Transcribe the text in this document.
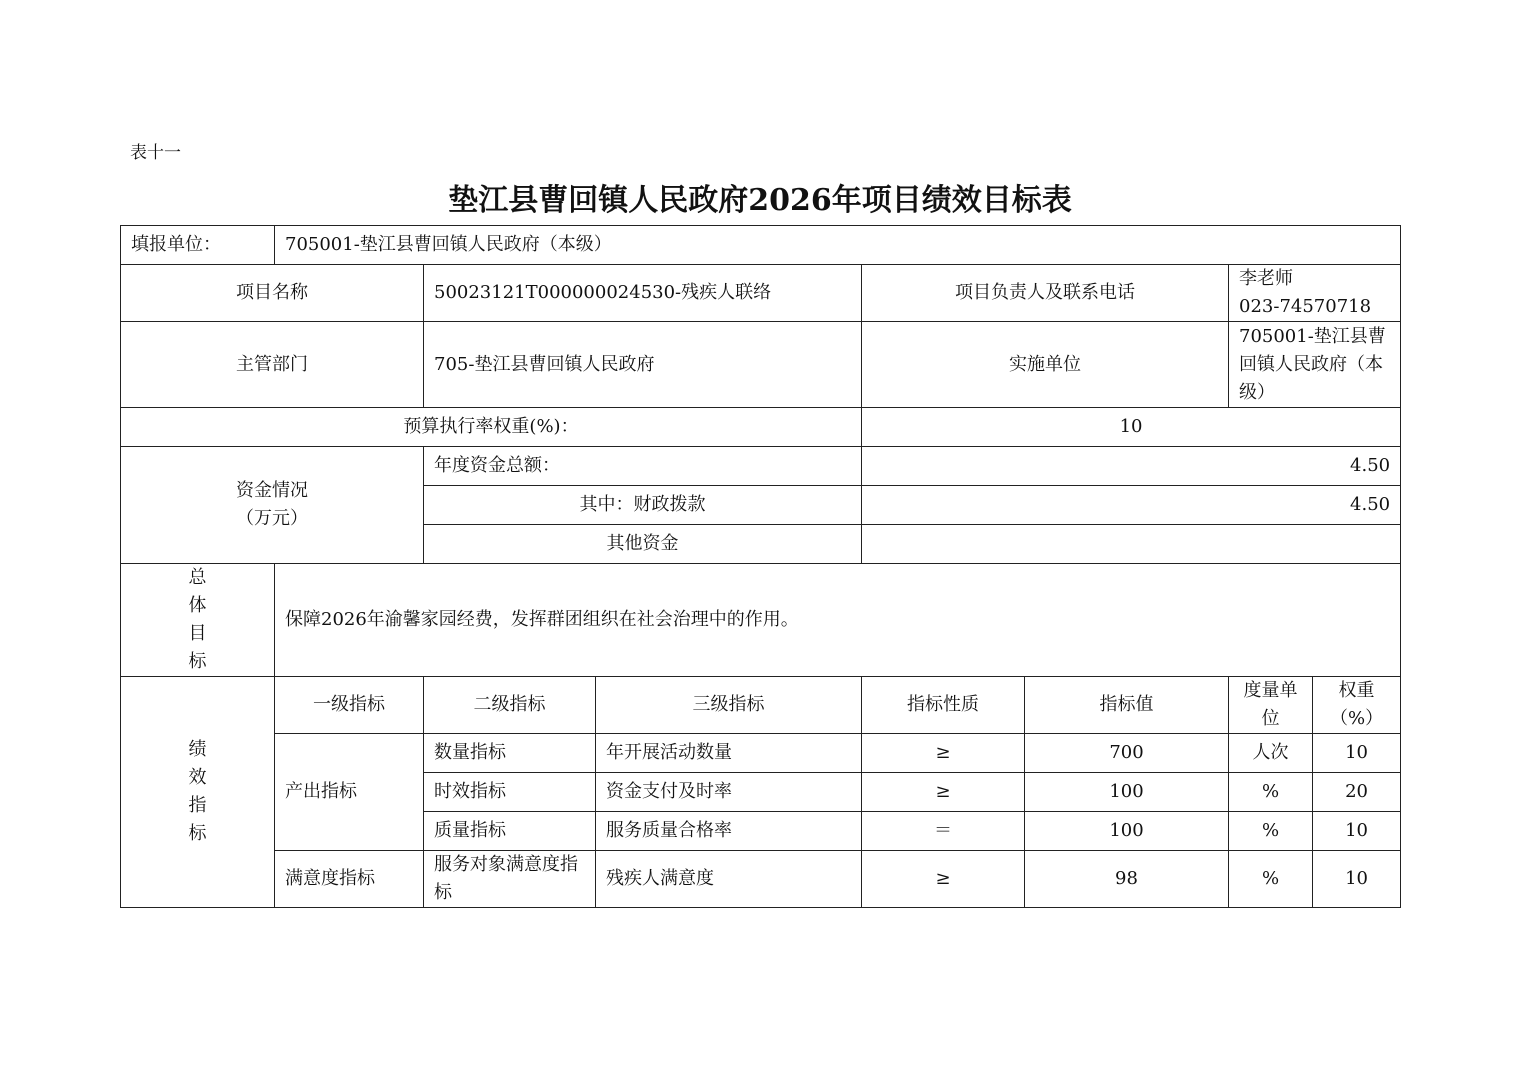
表十一
垫江县曹回镇人民政府2026年项目绩效目标表
填报单位：	705001-垫江县曹回镇人民政府（本级）						
项目名称		50023121T000000024530-残疾人联络		项目负责人及联系电话		李老师
023-74570718	

主管部门		705-垫江县曹回镇人民政府		实施单位		705001-垫江县曹回镇人民政府（本级）	
预算执行率权重(%)：				10			

资金情况
（万元）		年度资金总额：		4.50			
		其中：财政拨款		4.50			
		其他资金					

总
体
目
标	保障2026年渝馨家园经费，发挥群团组织在社会治理中的作用。						

绩
效
指
标	一级指标	二级指标	三级指标	指标性质	指标值	度量单位	权重（%）
	产出指标	数量指标	年开展活动数量	≥	700	人次	10
		时效指标	资金支付及时率	≥	100	%	20
		质量指标	服务质量合格率	＝	100	%	10
	满意度指标	服务对象满意度指标	残疾人满意度	≥	98	%	10
